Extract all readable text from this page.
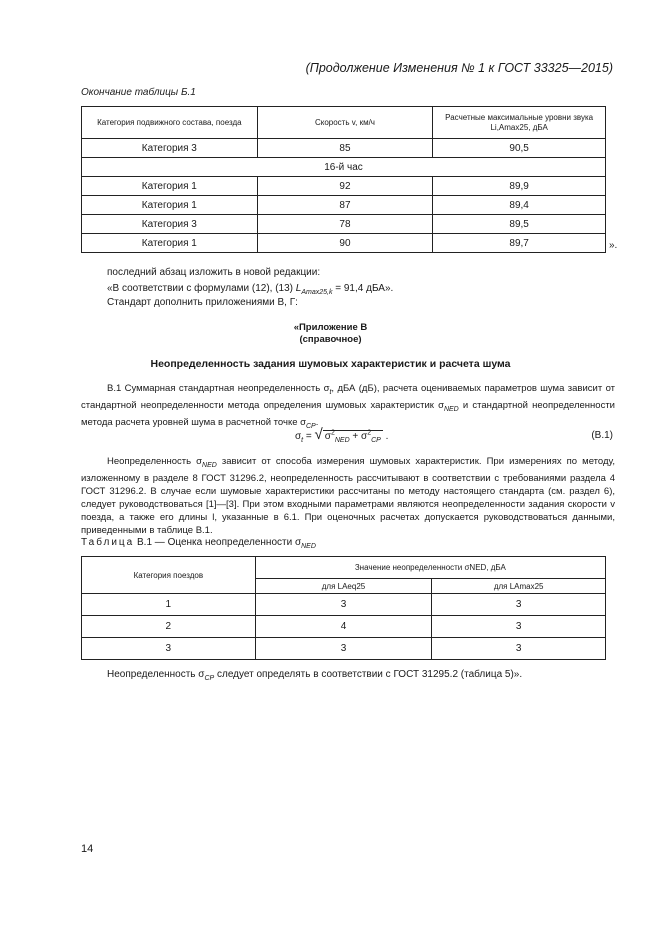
(Продолжение Изменения № 1 к ГОСТ 33325—2015)
Окончание таблицы Б.1
Категория подвижного состава, поезда	Скорость v, км/ч	Расчетные максимальные уровни звука Li,Amax25, дБА
Категория 3	85	90,5
16-й час		
Категория 1	92	89,9
Категория 1	87	89,4
Категория 3	78	89,5
Категория 1	90	89,7	».
последний абзац изложить в новой редакции:
«В соответствии с формулами (12), (13) $L_{Amax25,k} = 91,4$ дБА».
Стандарт дополнить приложениями В, Г:
«Приложение В
(справочное)
Неопределенность задания шумовых характеристик и расчета шума
В.1 Суммарная стандартная неопределенность $\sigma_t$, дБА (дБ), расчета оцениваемых параметров шума зависит от стандартной неопределенности метода определения шумовых характеристик $\sigma_{NED}$ и стандартной неопределенности метода расчета уровней шума в расчетной точке $\sigma_{CP}$.
$\sigma_t$ = √ $\sigma^2_{NED} + \sigma^2_{CP}$ .	(В.1)
Неопределенность $\sigma_{NED}$ зависит от способа измерения шумовых характеристик. При измерениях по методу, изложенному в разделе 8 ГОСТ 31296.2, неопределенность рассчитывают в соответствии с требованиями раздела 4 ГОСТ 31296.2. В случае если шумовые характеристики рассчитаны по методу настоящего стандарта (см. раздел 6), следует руководствоваться [1]—[3]. При этом входными параметрами являются неопределенности задания скорости v поезда, а также его длины l, указанные в 6.1. При оценочных расчетах допускается руководствоваться данными, приведенными в таблице В.1.
Таблица В.1 — Оценка неопределенности $\sigma_{NED}$
Категория поездов	Значение неопределенности σNED, дБА	
	для LAeq25	для LAmax25
1	3	3
2	4	3
3	3	3
Неопределенность $\sigma_{CP}$ следует определять в соответствии с ГОСТ 31295.2 (таблица 5)».
14
